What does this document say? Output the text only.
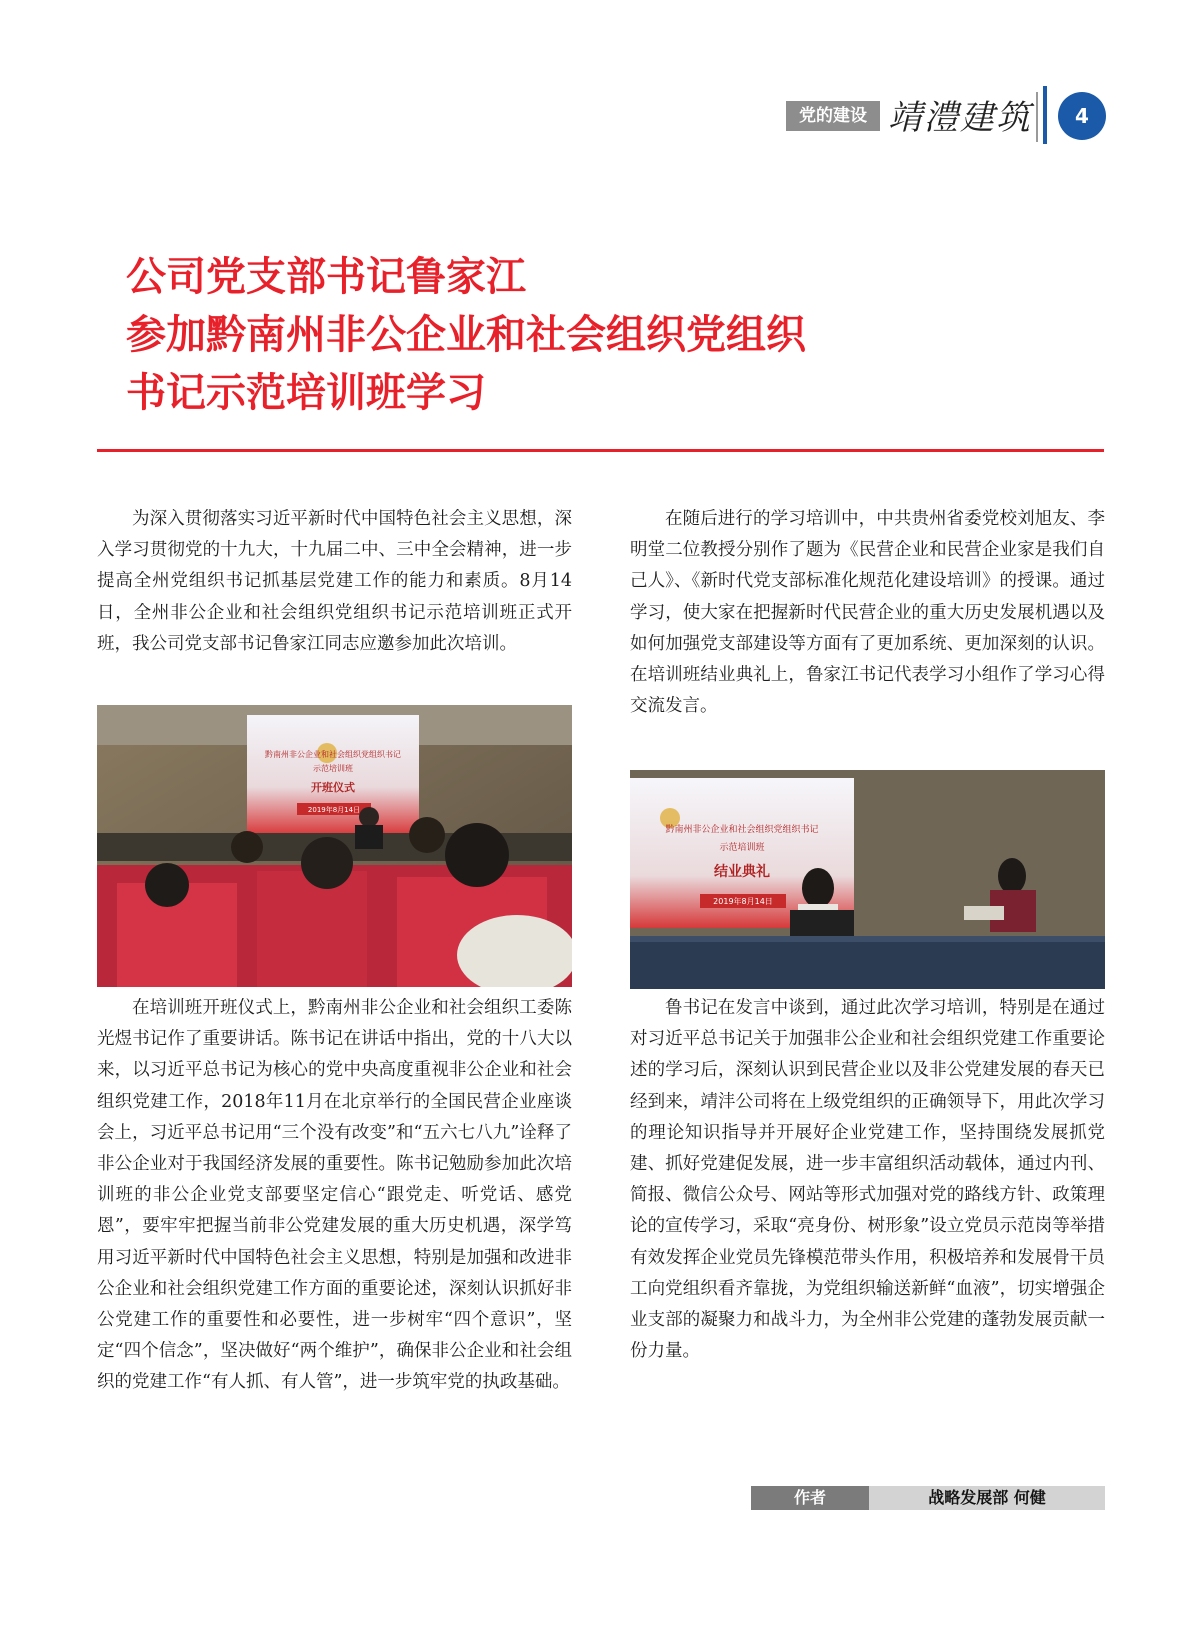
党的建设 靖澧建筑	4
公司党支部书记鲁家江
参加黔南州非公企业和社会组织党组织
书记示范培训班学习

为深入贯彻落实习近平新时代中国特色社会主义思想，深入学习贯彻党的十九大，十九届二中、三中全会精神，进一步提高全州党组织书记抓基层党建工作的能力和素质。8月14日，全州非公企业和社会组织党组织书记示范培训班正式开班，我公司党支部书记鲁家江同志应邀参加此次培训。

黔南州非公企业和社会组织党组织书记
示范培训班
开班仪式
2019年8月14日

在培训班开班仪式上，黔南州非公企业和社会组织工委陈光煜书记作了重要讲话。陈书记在讲话中指出，党的十八大以来，以习近平总书记为核心的党中央高度重视非公企业和社会组织党建工作，2018年11月在北京举行的全国民营企业座谈会上，习近平总书记用“三个没有改变”和“五六七八九”诠释了非公企业对于我国经济发展的重要性。陈书记勉励参加此次培训班的非公企业党支部要坚定信心“跟党走、听党话、感党恩”，要牢牢把握当前非公党建发展的重大历史机遇，深学笃用习近平新时代中国特色社会主义思想，特别是加强和改进非公企业和社会组织党建工作方面的重要论述，深刻认识抓好非公党建工作的重要性和必要性，进一步树牢“四个意识”，坚定“四个信念”，坚决做好“两个维护”，确保非公企业和社会组织的党建工作“有人抓、有人管”，进一步筑牢党的执政基础。

在随后进行的学习培训中，中共贵州省委党校刘旭友、李明堂二位教授分别作了题为《民营企业和民营企业家是我们自己人》、《新时代党支部标准化规范化建设培训》的授课。通过学习，使大家在把握新时代民营企业的重大历史发展机遇以及如何加强党支部建设等方面有了更加系统、更加深刻的认识。在培训班结业典礼上，鲁家江书记代表学习小组作了学习心得交流发言。

黔南州非公企业和社会组织党组织书记
示范培训班
结业典礼
2019年8月14日

鲁书记在发言中谈到，通过此次学习培训，特别是在通过对习近平总书记关于加强非公企业和社会组织党建工作重要论述的学习后，深刻认识到民营企业以及非公党建发展的春天已经到来，靖沣公司将在上级党组织的正确领导下，用此次学习的理论知识指导并开展好企业党建工作，坚持围绕发展抓党建、抓好党建促发展，进一步丰富组织活动载体，通过内刊、简报、微信公众号、网站等形式加强对党的路线方针、政策理论的宣传学习，采取“亮身份、树形象”设立党员示范岗等举措有效发挥企业党员先锋模范带头作用，积极培养和发展骨干员工向党组织看齐靠拢，为党组织输送新鲜“血液”，切实增强企业支部的凝聚力和战斗力，为全州非公党建的蓬勃发展贡献一份力量。

作者	战略发展部 何健
